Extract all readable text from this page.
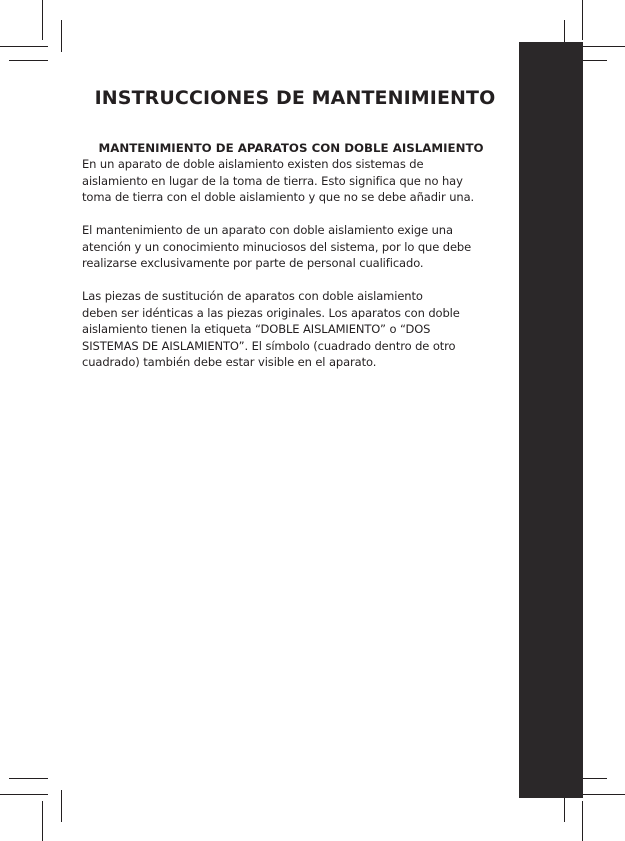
INSTRUCCIONES DE MANTENIMIENTO
MANTENIMIENTO DE APARATOS CON DOBLE AISLAMIENTO

En un aparato de doble aislamiento existen dos sistemas de
aislamiento en lugar de la toma de tierra. Esto significa que no hay
toma de tierra con el doble aislamiento y que no se debe añadir una.

El mantenimiento de un aparato con doble aislamiento exige una
atención y un conocimiento minuciosos del sistema, por lo que debe
realizarse exclusivamente por parte de personal cualificado.

Las piezas de sustitución de aparatos con doble aislamiento
deben ser idénticas a las piezas originales. Los aparatos con doble
aislamiento tienen la etiqueta “DOBLE AISLAMIENTO” o “DOS
SISTEMAS DE AISLAMIENTO”. El símbolo (cuadrado dentro de otro
cuadrado) también debe estar visible en el aparato.
